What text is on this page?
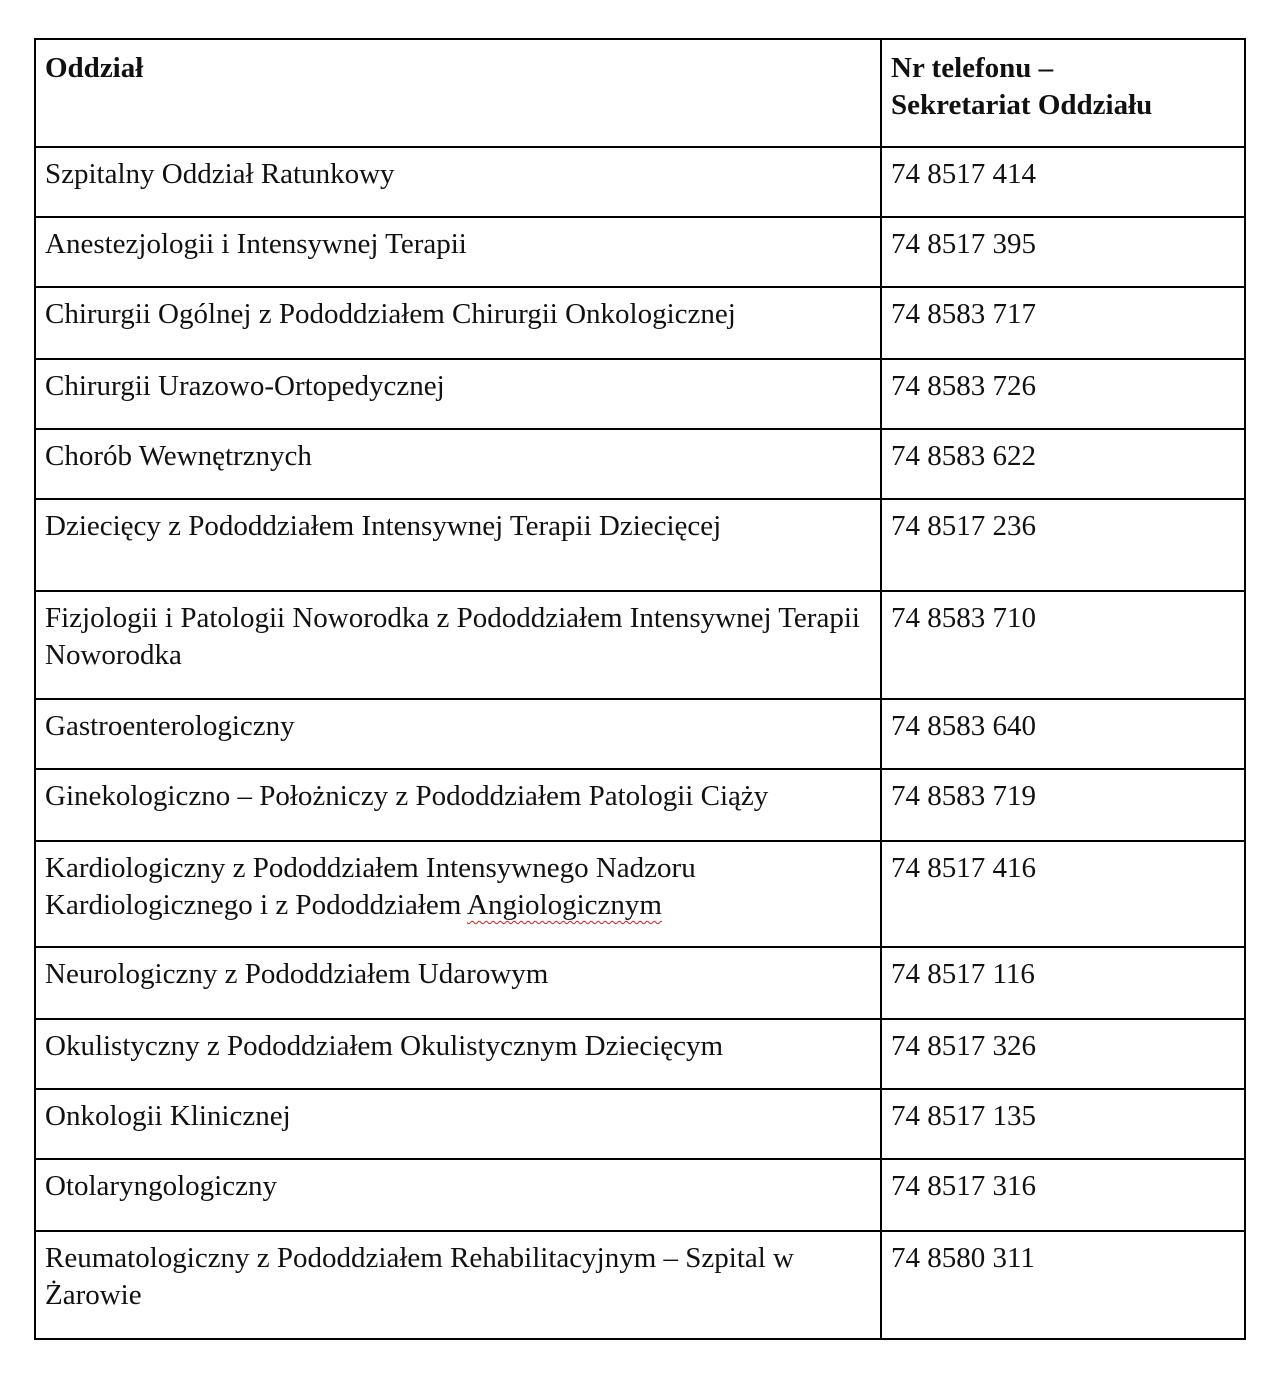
Oddział	Nr telefonu –
Sekretariat Oddziału
Szpitalny Oddział Ratunkowy	74 8517 414
Anestezjologii i Intensywnej Terapii	74 8517 395
Chirurgii Ogólnej z Pododdziałem Chirurgii Onkologicznej	74 8583 717
Chirurgii Urazowo-Ortopedycznej	74 8583 726
Chorób Wewnętrznych	74 8583 622
Dziecięcy z Pododdziałem Intensywnej Terapii Dziecięcej	74 8517 236
Fizjologii i Patologii Noworodka z Pododdziałem Intensywnej Terapii Noworodka	74 8583 710
Gastroenterologiczny	74 8583 640
Ginekologiczno – Położniczy z Pododdziałem Patologii Ciąży	74 8583 719
Kardiologiczny z Pododdziałem Intensywnego Nadzoru
Kardiologicznego i z Pododdziałem Angiologicznym	74 8517 416
Neurologiczny z Pododdziałem Udarowym	74 8517 116
Okulistyczny z Pododdziałem Okulistycznym Dziecięcym	74 8517 326
Onkologii Klinicznej	74 8517 135
Otolaryngologiczny	74 8517 316
Reumatologiczny z Pododdziałem Rehabilitacyjnym – Szpital w Żarowie	74 8580 311
